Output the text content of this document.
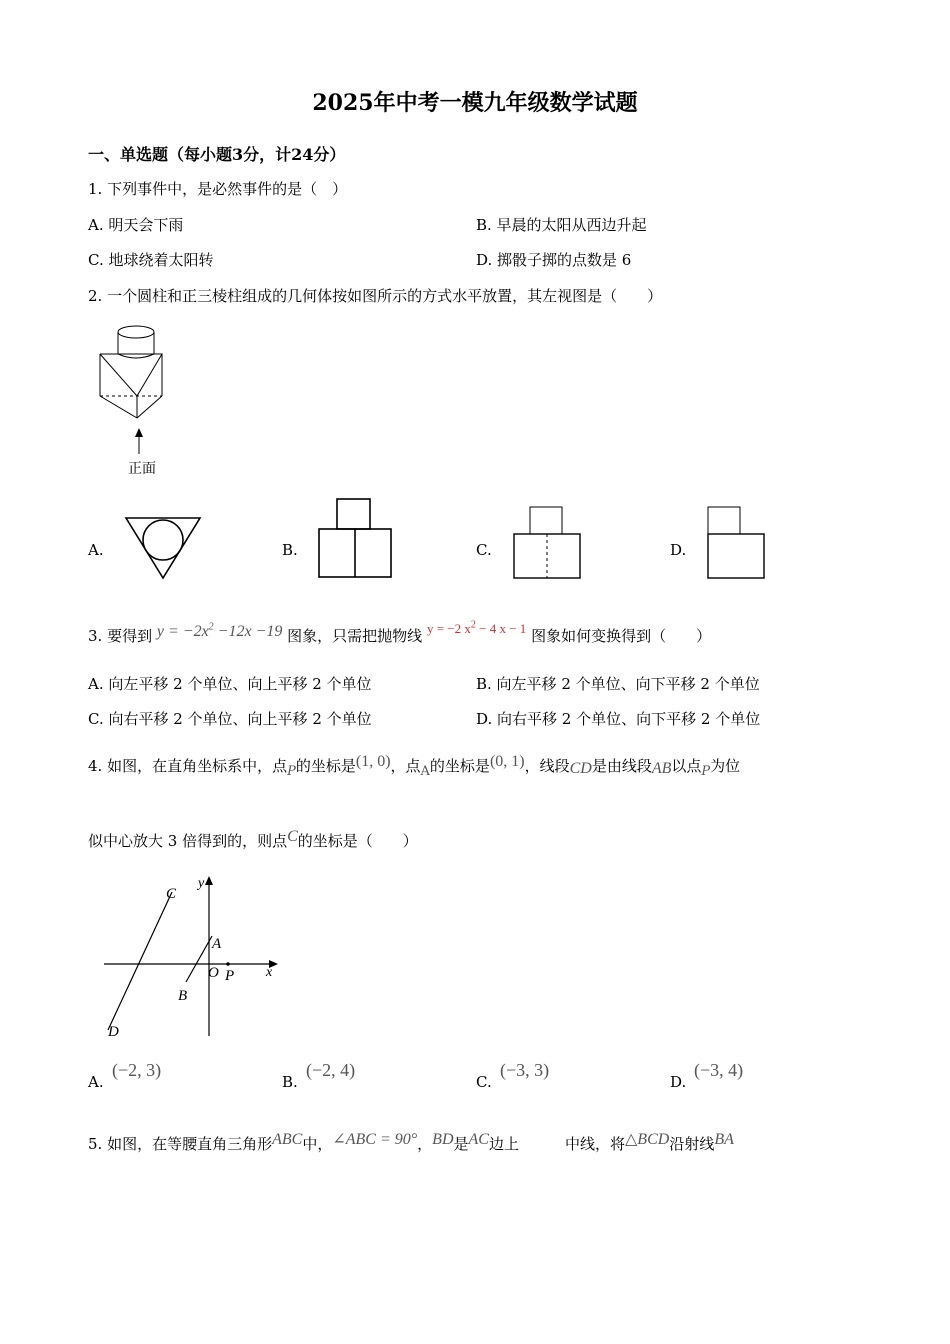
2025年中考一模九年级数学试题
一、单选题（每小题3分，计24分）
1. 下列事件中，是必然事件的是（　）
A. 明天会下雨	B. 早晨的太阳从西边升起
C. 地球绕着太阳转	D. 掷骰子掷的点数是 6
2. 一个圆柱和正三棱柱组成的几何体按如图所示的方式水平放置，其左视图是（　　）
正面
A.	B.	C.	D.
3. 要得到 $y = -2x^2 -12x -19$ 图象，只需把抛物线 y = −2 $x^2 - 4$ x − 1 图象如何变换得到（　　）
A. 向左平移 2 个单位、向上平移 2 个单位	B. 向左平移 2 个单位、向下平移 2 个单位
C. 向右平移 2 个单位、向上平移 2 个单位	D. 向右平移 2 个单位、向下平移 2 个单位
4. 如图，在直角坐标系中，点P的坐标是(1, 0)，点A的坐标是(0, 1)，线段CD是由线段AB以点P为位
似中心放大 3 倍得到的，则点C的坐标是（　　）
C
y
A
O P x
B
D
A.
(−2, 3)
B.
(−2, 4)
C.
(−3, 3)
D.
(−3, 4)
5. 如图，在等腰直角三角形ABC中，∠ABC = 90°，BD是AC边上	中线，将△BCD沿射线BA
